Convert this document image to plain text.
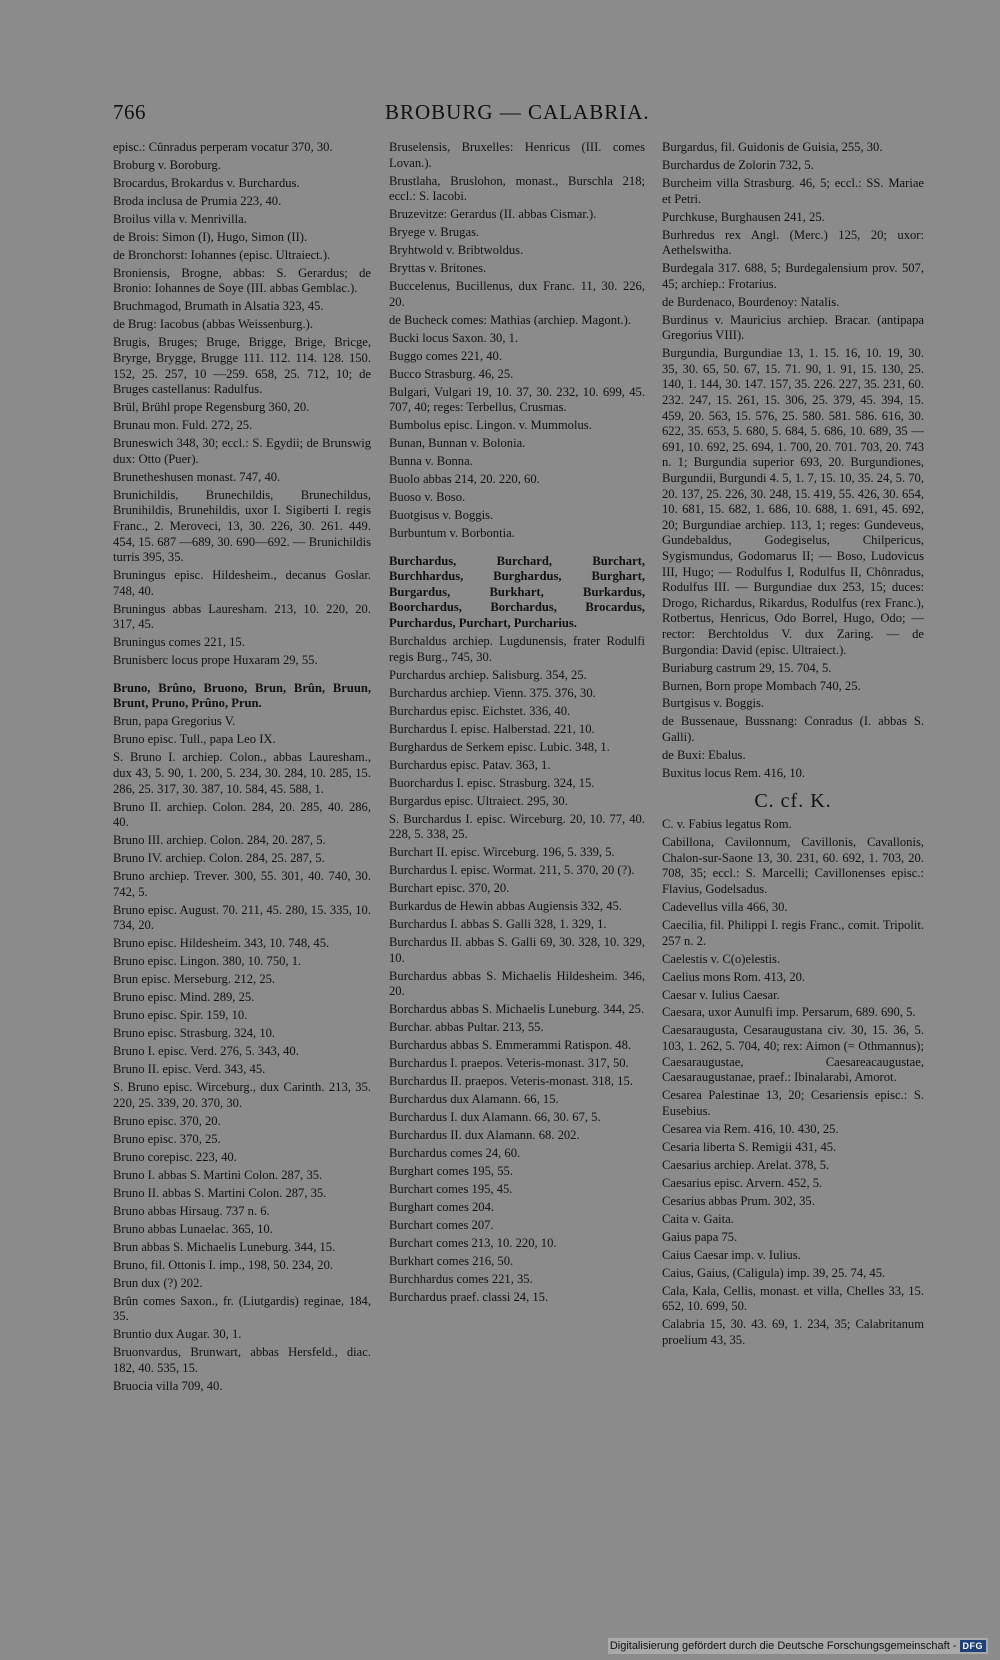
766	BROBURG — CALABRIA.
episc.: Cûnradus perperam vocatur 370, 30.
Broburg v. Boroburg.
Brocardus, Brokardus v. Burchardus.
Broda inclusa de Prumia 223, 40.
Broilus villa v. Menrivilla.
de Brois: Simon (I), Hugo, Simon (II).
de Bronchorst: Iohannes (episc. Ultraiect.).
Broniensis, Brogne, abbas: S. Gerardus; de Bronio: Iohannes de Soye (III. abbas Gemblac.).
Bruchmagod, Brumath in Alsatia 323, 45.
de Brug: Iacobus (abbas Weissenburg.).
Brugis, Bruges; Bruge, Brigge, Brige, Bricge, Bryrge, Brygge, Brugge 111. 112. 114. 128. 150. 152, 25. 257, 10 —259. 658, 25. 712, 10; de Bruges castellanus: Radulfus.
Brül, Brühl prope Regensburg 360, 20.
Brunau mon. Fuld. 272, 25.
Bruneswich 348, 30; eccl.: S. Egydii; de Brunswig dux: Otto (Puer).
Brunetheshusen monast. 747, 40.
Brunichildis, Brunechildis, Brunechildus, Brunihildis, Brunehildis, uxor I. Sigiberti I. regis Franc., 2. Meroveci, 13, 30. 226, 30. 261. 449. 454, 15. 687 —689, 30. 690—692. — Brunichildis turris 395, 35.
Bruningus episc. Hildesheim., decanus Goslar. 748, 40.
Bruningus abbas Lauresham. 213, 10. 220, 20. 317, 45.
Bruningus comes 221, 15.
Brunisberc locus prope Huxaram 29, 55.
Bruno, Brûno, Bruono, Brun, Brûn, Bruun, Brunt, Pruno, Prûno, Prun.
Brun, papa Gregorius V.
Bruno episc. Tull., papa Leo IX.
S. Bruno I. archiep. Colon., abbas Lauresham., dux 43, 5. 90, 1. 200, 5. 234, 30. 284, 10. 285, 15. 286, 25. 317, 30. 387, 10. 584, 45. 588, 1.
Bruno II. archiep. Colon. 284, 20. 285, 40. 286, 40.
Bruno III. archiep. Colon. 284, 20. 287, 5.
Bruno IV. archiep. Colon. 284, 25. 287, 5.
Bruno archiep. Trever. 300, 55. 301, 40. 740, 30. 742, 5.
Bruno episc. August. 70. 211, 45. 280, 15. 335, 10. 734, 20.
Bruno episc. Hildesheim. 343, 10. 748, 45.
Bruno episc. Lingon. 380, 10. 750, 1.
Brun episc. Merseburg. 212, 25.
Bruno episc. Mind. 289, 25.
Bruno episc. Spir. 159, 10.
Bruno episc. Strasburg. 324, 10.
Bruno I. episc. Verd. 276, 5. 343, 40.
Bruno II. episc. Verd. 343, 45.
S. Bruno episc. Wirceburg., dux Carinth. 213, 35. 220, 25. 339, 20. 370, 30.
Bruno episc. 370, 20.
Bruno episc. 370, 25.
Bruno corepisc. 223, 40.
Bruno I. abbas S. Martini Colon. 287, 35.
Bruno II. abbas S. Martini Colon. 287, 35.
Bruno abbas Hirsaug. 737 n. 6.
Bruno abbas Lunaelac. 365, 10.
Brun abbas S. Michaelis Luneburg. 344, 15.
Bruno, fil. Ottonis I. imp., 198, 50. 234, 20.
Brun dux (?) 202.
Brûn comes Saxon., fr. (Liutgardis) reginae, 184, 35.
Bruntio dux Augar. 30, 1.
Bruonvardus, Brunwart, abbas Hersfeld., diac. 182, 40. 535, 15.
Bruocia villa 709, 40.
Bruselensis, Bruxelles: Henricus (III. comes Lovan.).
Brustlaha, Bruslohon, monast., Burschla 218; eccl.: S. Iacobi.
Bruzevitze: Gerardus (II. abbas Cismar.).
Bryege v. Brugas.
Bryhtwold v. Bribtwoldus.
Bryttas v. Britones.
Buccelenus, Bucillenus, dux Franc. 11, 30. 226, 20.
de Bucheck comes: Mathias (archiep. Magont.).
Bucki locus Saxon. 30, 1.
Buggo comes 221, 40.
Bucco Strasburg. 46, 25.
Bulgari, Vulgari 19, 10. 37, 30. 232, 10. 699, 45. 707, 40; reges: Terbellus, Crusmas.
Bumbolus episc. Lingon. v. Mummolus.
Bunan, Bunnan v. Bolonia.
Bunna v. Bonna.
Buolo abbas 214, 20. 220, 60.
Buoso v. Boso.
Buotgisus v. Boggis.
Burbuntum v. Borbontia.
Burchardus, Burchard, Burchart, Burchhardus, Burghardus, Burghart, Burgardus, Burkhart, Burkardus, Boorchardus, Borchardus, Brocardus, Purchardus, Purchart, Purcharius.
Burchaldus archiep. Lugdunensis, frater Rodulfi regis Burg., 745, 30.
Purchardus archiep. Salisburg. 354, 25.
Burchardus archiep. Vienn. 375. 376, 30.
Burchardus episc. Eichstet. 336, 40.
Burchardus I. episc. Halberstad. 221, 10.
Burghardus de Serkem episc. Lubic. 348, 1.
Burchardus episc. Patav. 363, 1.
Buorchardus I. episc. Strasburg. 324, 15.
Burgardus episc. Ultraiect. 295, 30.
S. Burchardus I. episc. Wirceburg. 20, 10. 77, 40. 228, 5. 338, 25.
Burchart II. episc. Wirceburg. 196, 5. 339, 5.
Burchardus I. episc. Wormat. 211, 5. 370, 20 (?).
Burchart episc. 370, 20.
Burkardus de Hewin abbas Augiensis 332, 45.
Burchardus I. abbas S. Galli 328, 1. 329, 1.
Burchardus II. abbas S. Galli 69, 30. 328, 10. 329, 10.
Burchardus abbas S. Michaelis Hildesheim. 346, 20.
Borchardus abbas S. Michaelis Luneburg. 344, 25.
Burchar. abbas Pultar. 213, 55.
Burchardus abbas S. Emmerammi Ratispon. 48.
Burchardus I. praepos. Veteris-monast. 317, 50.
Burchardus II. praepos. Veteris-monast. 318, 15.
Burchardus dux Alamann. 66, 15.
Burchardus I. dux Alamann. 66, 30. 67, 5.
Burchardus II. dux Alamann. 68. 202.
Burchardus comes 24, 60.
Burghart comes 195, 55.
Burchart comes 195, 45.
Burghart comes 204.
Burchart comes 207.
Burchart comes 213, 10. 220, 10.
Burkhart comes 216, 50.
Burchhardus comes 221, 35.
Burchardus praef. classi 24, 15.
Burgardus, fil. Guidonis de Guisia, 255, 30.
Burchardus de Zolorin 732, 5.
Burcheim villa Strasburg. 46, 5; eccl.: SS. Mariae et Petri.
Purchkuse, Burghausen 241, 25.
Burhredus rex Angl. (Merc.) 125, 20; uxor: Aethelswitha.
Burdegala 317. 688, 5; Burdegalensium prov. 507, 45; archiep.: Frotarius.
de Burdenaco, Bourdenoy: Natalis.
Burdinus v. Mauricius archiep. Bracar. (antipapa Gregorius VIII).
Burgundia, Burgundiae 13, 1. 15. 16, 10. 19, 30. 35, 30. 65, 50. 67, 15. 71. 90, 1. 91, 15. 130, 25. 140, 1. 144, 30. 147. 157, 35. 226. 227, 35. 231, 60. 232. 247, 15. 261, 15. 306, 25. 379, 45. 394, 15. 459, 20. 563, 15. 576, 25. 580. 581. 586. 616, 30. 622, 35. 653, 5. 680, 5. 684, 5. 686, 10. 689, 35 — 691, 10. 692, 25. 694, 1. 700, 20. 701. 703, 20. 743 n. 1; Burgundia superior 693, 20. Burgundiones, Burgundii, Burgundi 4. 5, 1. 7, 15. 10, 35. 24, 5. 70, 20. 137, 25. 226, 30. 248, 15. 419, 55. 426, 30. 654, 10. 681, 15. 682, 1. 686, 10. 688, 1. 691, 45. 692, 20; Burgundiae archiep. 113, 1; reges: Gundeveus, Gundebaldus, Godegiselus, Chilpericus, Sygismundus, Godomarus II; — Boso, Ludovicus III, Hugo; — Rodulfus I, Rodulfus II, Chônradus, Rodulfus III. — Burgundiae dux 253, 15; duces: Drogo, Richardus, Rikardus, Rodulfus (rex Franc.), Rotbertus, Henricus, Odo Borrel, Hugo, Odo; — rector: Berchtoldus V. dux Zaring. — de Burgondia: David (episc. Ultraiect.).
Buriaburg castrum 29, 15. 704, 5.
Burnen, Born prope Mombach 740, 25.
Burtgisus v. Boggis.
de Bussenaue, Bussnang: Conradus (I. abbas S. Galli).
de Buxi: Ebalus.
Buxitus locus Rem. 416, 10.
C. cf. K.
C. v. Fabius legatus Rom.
Cabillona, Cavilonnum, Cavillonis, Cavallonis, Chalon-sur-Saone 13, 30. 231, 60. 692, 1. 703, 20. 708, 35; eccl.: S. Marcelli; Cavillonenses episc.: Flavius, Godelsadus.
Cadevellus villa 466, 30.
Caecilia, fil. Philippi I. regis Franc., comit. Tripolit. 257 n. 2.
Caelestis v. C(o)elestis.
Caelius mons Rom. 413, 20.
Caesar v. Iulius Caesar.
Caesara, uxor Aunulfi imp. Persarum, 689. 690, 5.
Caesaraugusta, Cesaraugustana civ. 30, 15. 36, 5. 103, 1. 262, 5. 704, 40; rex: Aimon (= Othmannus); Caesaraugustae, Caesareacaugustae, Caesaraugustanae, praef.: Ibinalarabi, Amorot.
Cesarea Palestinae 13, 20; Cesariensis episc.: S. Eusebius.
Cesarea via Rem. 416, 10. 430, 25.
Cesaria liberta S. Remigii 431, 45.
Caesarius archiep. Arelat. 378, 5.
Caesarius episc. Arvern. 452, 5.
Cesarius abbas Prum. 302, 35.
Caita v. Gaita.
Gaius papa 75.
Caius Caesar imp. v. Iulius.
Caius, Gaius, (Caligula) imp. 39, 25. 74, 45.
Cala, Kala, Cellis, monast. et villa, Chelles 33, 15. 652, 10. 699, 50.
Calabria 15, 30. 43. 69, 1. 234, 35; Calabritanum proelium 43, 35.
Digitalisierung gefördert durch die Deutsche Forschungsgemeinschaft - DFG
